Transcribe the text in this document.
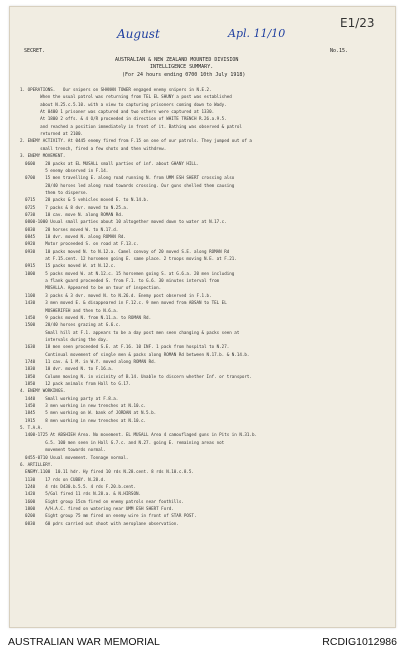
August	Apl. 11/10
E1/23
SECRET.	No.15.
AUSTRALIAN & NEW ZEALAND MOUNTED DIVISION
INTELLIGENCE SUMMARY.
(For 24 hours ending 0700 10th July 1918)
1. OPERATIONS.   Our snipers on SHANAN TOWER engaged enemy snipers in N.E.2.
When the usual patrol was returning from TEL EL SHUNY a post was established
about N.25.c.5.10. with a view to capturing prisoners coming down to Wady.
At 0400 1 prisoner was captured and two others were captured at 1330.
At 1800 2 offs. & 4 O/R proceeded in direction of WHITE TRENCH R.26.a.9.5.
and reached a position immediately in front of it. Bathing was observed & patrol
returned at 2100.
2. ENEMY ACTIVITY. At 0445 enemy fired from F.15 on one of our patrols. They jumped out of a
small trench, fired a few shots and then withdrew.
3. ENEMY MOVEMENT.
0600    20 packs at EL MUSALL small parties of inf. about GHANY HILL.
5 enemy observed in F.14.
0700    15 men travelling E. along road running N. from UMM ESH SHERT crossing also
20/40 horses led along road towards crossing. Our guns shelled them causing
them to disperse.
0715    20 packs & 5 vehicles moved E. to N.14.b.
0725    7 packs & 8 dvr. moved to N.25.a.
0730    10 cav. move N. along ROMAN Rd.
0800-1000 Usual small parties about 10 altogether moved down to water at N.17.c.
0830    20 horses moved W. to N.17.d.
0845    10 dvr. moved N. along ROMAN Rd.
0920    Motor proceeded S. on road at F.13.c.
0930    10 packs moved N. to N.12.a. Camel convoy of 20 moved S.E. along ROMAN Rd
at F.15.cent. 12 horsemen going E. same place. 2 troops moving N.E. at F.21.
0915    15 packs moved W. at N.12.c.
1000    5 packs moved W. at N.12.c. 15 horsemen going S. at G.6.a. 20 men including
a flank guard proceeded S. from F.1. to G.6. 30 minutes interval from
MUSALLA. Appeared to be on tour of inspection.
1100    3 packs & 3 dvr. moved N. to N.26.d. Enemy post observed in F.1.b.
1430    3 men moved E. & disappeared in F.12.c. 9 men moved from ABSAN to TEL EL
MUSHERIFEH and then to N.6.a.
1450    9 packs moved N. from N.11.a. to ROMAN Rd.
1500    20/40 horses grazing at G.6.c.
Small hill at F.1. appears to be a day post men seen changing & packs seen at
intervals during the day.
1630    18 men seen proceeded S.E. at F.16. 10 INF. 1 pack from hospital to N.27.
Continual movement of single men & packs along ROMAN Rd between N.17.b. & N.14.b.
1740    11 cav. & 1 M. in W.Y. moved along ROMAN Rd.
1830    10 dvr. moved N. to F.16.a.
1850    Column moving N. in vicinity of B.14. Unable to discern whether Inf. or transport.
1850    12 pack animals from Hall to G.17.
4. ENEMY WORKINGS.
1440    Small working party at F.8.a.
1450    3 men working in new trenches at N.10.c.
1845    5 men working on W. bank of JORDAN at N.5.b.
1915    8 men working in new trenches at N.10.c.
5. T.A.A.
1400-1725 At ABSHIEH Area. No movement. EL MUSALL Area 4 camouflaged guns in Pits in N.31.b.
G.5. 100 men seen in Hall G.7.c. and N.27. going E. remaining areas not
movement towards normal.
0455-0710 Usual movement. Tonnage normal.
6. ARTILLERY.
ENEMY.1100  10.11 hdr. Hy fired 10 rds N.28.cent. 8 rds N.10.c.8.5.
1130    17 rds on CUBBY. N.28.d.
1240    4 rds D430.b.5.5. 4 rds F.20.b.cent.
1420    5/Gal fired 11 rds N.28.a. & N.HIRSON.
1600    Eight group 15cm fired on enemy patrols near foothills.
1800    A/H.A.C. fired on watering near UMM ESH SHERT Ford.
0200    Eight group 75 mm fired on enemy wire in front of STAR POST.
0830    60 pdrs carried out shoot with aeroplane observation.
AUSTRALIAN WAR MEMORIAL	RCDIG1012986
